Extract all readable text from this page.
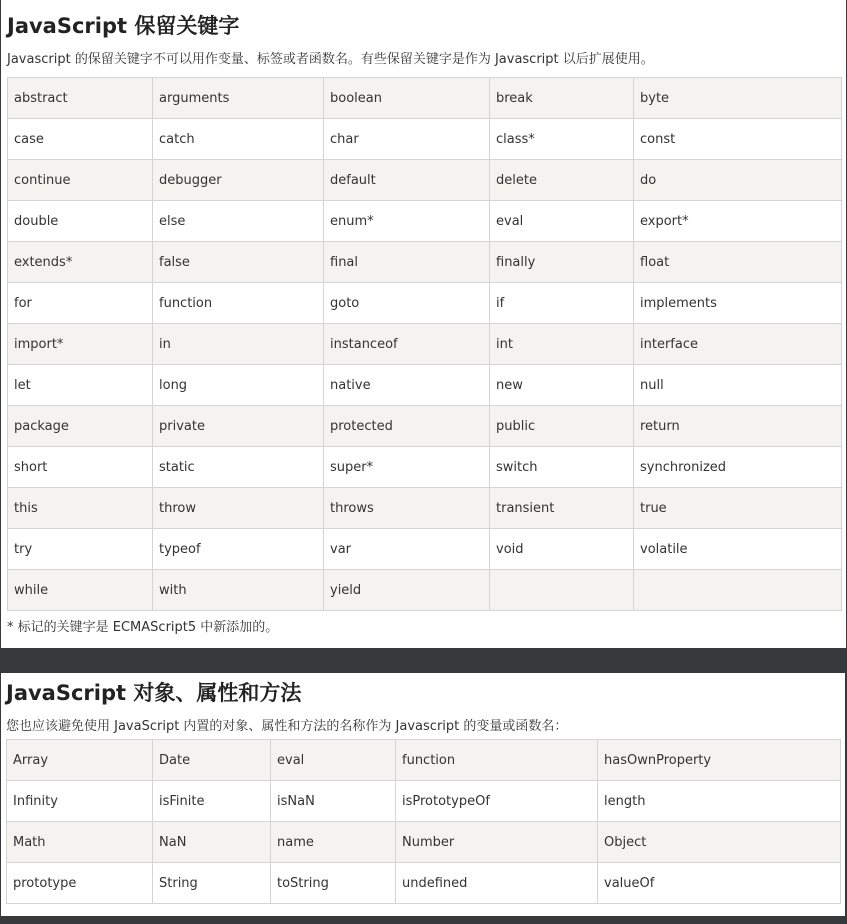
JavaScript 保留关键字

Javascript 的保留关键字不可以用作变量、标签或者函数名。有些保留关键字是作为 Javascript 以后扩展使用。

abstract	arguments	boolean	break	byte
case	catch	char	class*	const
continue	debugger	default	delete	do
double	else	enum*	eval	export*
extends*	false	final	finally	float
for	function	goto	if	implements
import*	in	instanceof	int	interface
let	long	native	new	null
package	private	protected	public	return
short	static	super*	switch	synchronized
this	throw	throws	transient	true
try	typeof	var	void	volatile
while	with	yield		

* 标记的关键字是 ECMAScript5 中新添加的。

JavaScript 对象、属性和方法

您也应该避免使用 JavaScript 内置的对象、属性和方法的名称作为 Javascript 的变量或函数名：

Array	Date	eval	function	hasOwnProperty
Infinity	isFinite	isNaN	isPrototypeOf	length
Math	NaN	name	Number	Object
prototype	String	toString	undefined	valueOf
